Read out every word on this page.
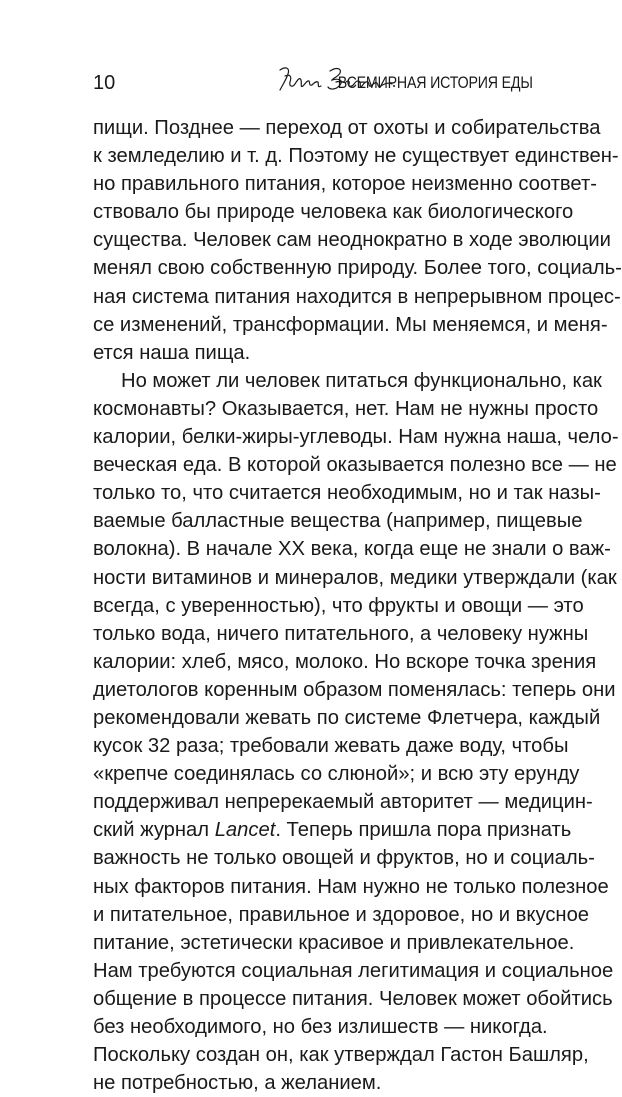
10	ВСЕМИРНАЯ ИСТОРИЯ ЕДЫ
пищи. Позднее — переход от охоты и собирательства
к земледелию и т. д. Поэтому не существует единствен-
но правильного питания, которое неизменно соответ-
ствовало бы природе человека как биологического
существа. Человек сам неоднократно в ходе эволюции
менял свою собственную природу. Более того, социаль-
ная система питания находится в непрерывном процес-
се изменений, трансформации. Мы меняемся, и меня-
ется наша пища.
Но может ли человек питаться функционально, как
космонавты? Оказывается, нет. Нам не нужны просто
калории, белки-жиры-углеводы. Нам нужна наша, чело-
веческая еда. В которой оказывается полезно все — не
только то, что считается необходимым, но и так назы-
ваемые балластные вещества (например, пищевые
волокна). В начале XX века, когда еще не знали о важ-
ности витаминов и минералов, медики утверждали (как
всегда, с уверенностью), что фрукты и овощи — это
только вода, ничего питательного, а человеку нужны
калории: хлеб, мясо, молоко. Но вскоре точка зрения
диетологов коренным образом поменялась: теперь они
рекомендовали жевать по системе Флетчера, каждый
кусок 32 раза; требовали жевать даже воду, чтобы
«крепче соединялась со слюной»; и всю эту ерунду
поддерживал непререкаемый авторитет — медицин-
ский журнал Lancet. Теперь пришла пора признать
важность не только овощей и фруктов, но и социаль-
ных факторов питания. Нам нужно не только полезное
и питательное, правильное и здоровое, но и вкусное
питание, эстетически красивое и привлекательное.
Нам требуются социальная легитимация и социальное
общение в процессе питания. Человек может обойтись
без необходимого, но без излишеств — никогда.
Поскольку создан он, как утверждал Гастон Башляр,
не потребностью, а желанием.
